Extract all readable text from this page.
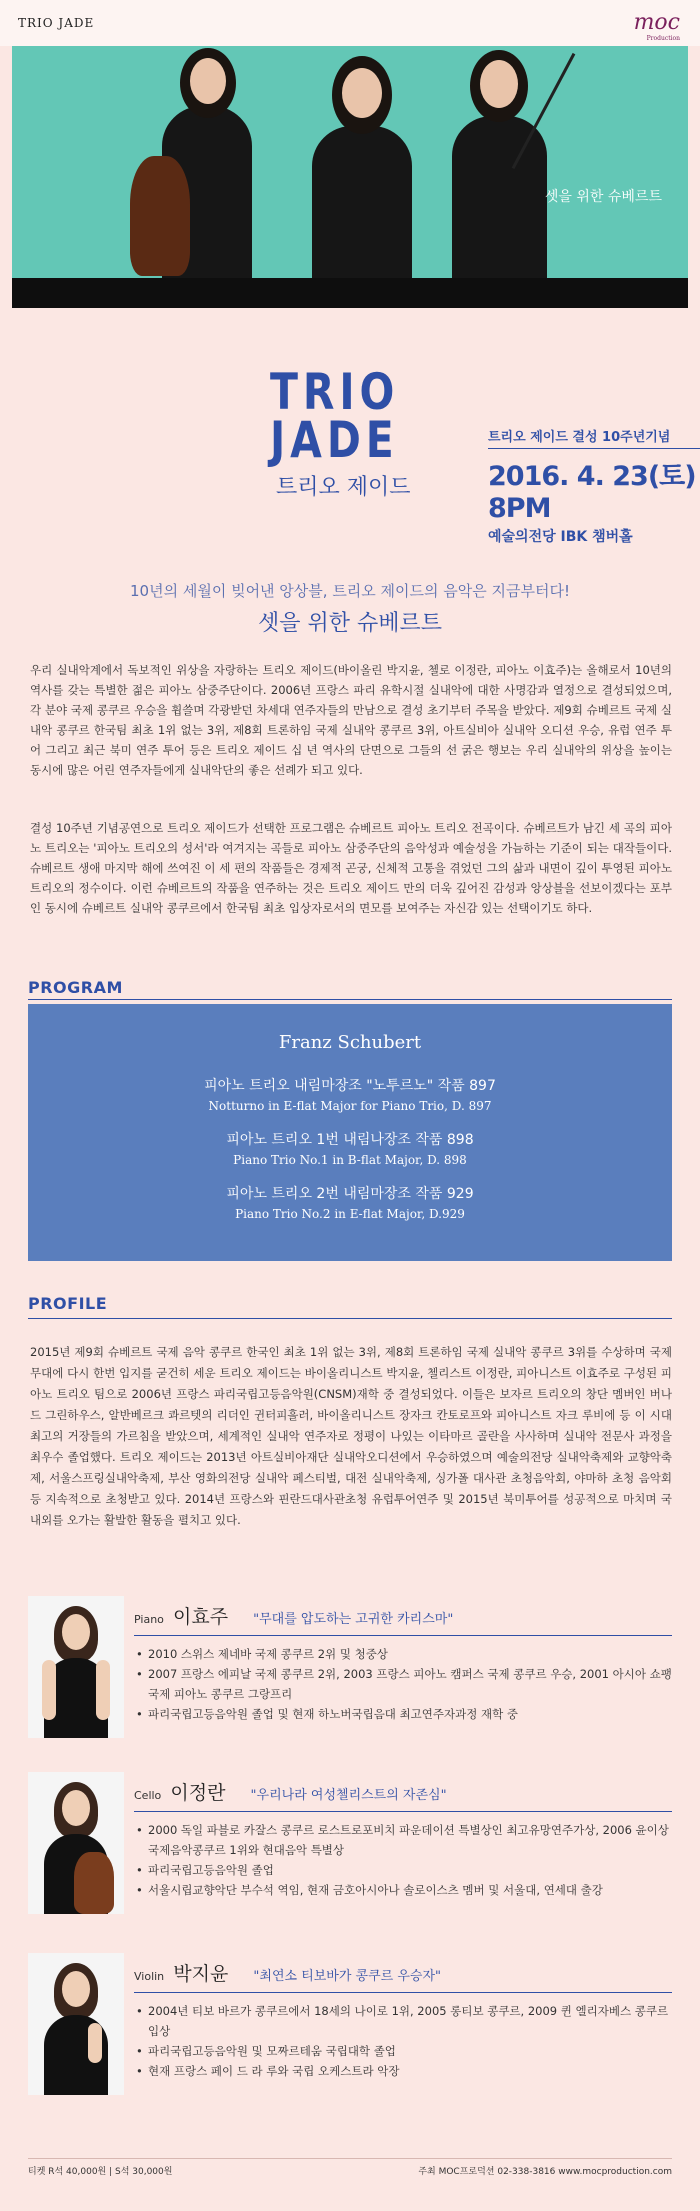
TRIO JADE	moc
Production
셋을 위한 슈베르트
TRIO
JADE
트리오 제이드
트리오 제이드 결성 10주년기념
2016. 4. 23(토) 8PM
예술의전당 IBK 챔버홀
10년의 세월이 빚어낸 앙상블, 트리오 제이드의 음악은 지금부터다!
셋을 위한 슈베르트
우리 실내악계에서 독보적인 위상을 자랑하는 트리오 제이드(바이올린 박지윤, 첼로 이정란, 피아노 이효주)는 올해로서 10년의 역사를 갖는 특별한 젊은 피아노 삼중주단이다. 2006년 프랑스 파리 유학시절 실내악에 대한 사명감과 열정으로 결성되었으며, 각 분야 국제 콩쿠르 우승을 휩쓸며 각광받던 차세대 연주자들의 만남으로 결성 초기부터 주목을 받았다. 제9회 슈베르트 국제 실내악 콩쿠르 한국팀 최초 1위 없는 3위, 제8회 트론하임 국제 실내악 콩쿠르 3위, 아트실비아 실내악 오디션 우승, 유럽 연주 투어 그리고 최근 북미 연주 투어 등은 트리오 제이드 십 년 역사의 단면으로 그들의 선 굵은 행보는 우리 실내악의 위상을 높이는 동시에 많은 어린 연주자들에게 실내악단의 좋은 선례가 되고 있다.
결성 10주년 기념공연으로 트리오 제이드가 선택한 프로그램은 슈베르트 피아노 트리오 전곡이다. 슈베르트가 남긴 세 곡의 피아노 트리오는 '피아노 트리오의 성서'라 여겨지는 곡들로 피아노 삼중주단의 음악성과 예술성을 가늠하는 기준이 되는 대작들이다. 슈베르트 생애 마지막 해에 쓰여진 이 세 편의 작품들은 경제적 곤궁, 신체적 고통을 겪었던 그의 삶과 내면이 깊이 투영된 피아노 트리오의 정수이다. 이런 슈베르트의 작품을 연주하는 것은 트리오 제이드 만의 더욱 깊어진 감성과 앙상블을 선보이겠다는 포부인 동시에 슈베르트 실내악 콩쿠르에서 한국팀 최초 입상자로서의 면모를 보여주는 자신감 있는 선택이기도 하다.
PROGRAM
Franz Schubert
피아노 트리오 내림마장조 "노투르노" 작품 897
Notturno in E-flat Major for Piano Trio, D. 897
피아노 트리오 1번 내림나장조 작품 898
Piano Trio No.1 in B-flat Major, D. 898
피아노 트리오 2번 내림마장조 작품 929
Piano Trio No.2 in E-flat Major, D.929
PROFILE
2015년 제9회 슈베르트 국제 음악 콩쿠르 한국인 최초 1위 없는 3위, 제8회 트론하임 국제 실내악 콩쿠르 3위를 수상하며 국제 무대에 다시 한번 입지를 굳건히 세운 트리오 제이드는 바이올리니스트 박지윤, 첼리스트 이정란, 피아니스트 이효주로 구성된 피아노 트리오 팀으로 2006년 프랑스 파리국립고등음악원(CNSM)재학 중 결성되었다. 이들은 보자르 트리오의 창단 멤버인 버나드 그린하우스, 알반베르크 콰르텟의 리더인 귄터피흘러, 바이올리니스트 장자크 칸토로프와 피아니스트 자크 루비에 등 이 시대 최고의 거장들의 가르침을 받았으며, 세계적인 실내악 연주자로 정평이 나있는 이타마르 골란을 사사하며 실내악 전문사 과정을 최우수 졸업했다. 트리오 제이드는 2013년 아트실비아재단 실내악오디션에서 우승하였으며 예술의전당 실내악축제와 교향악축제, 서울스프링실내악축제, 부산 영화의전당 실내악 페스티벌, 대전 실내악축제, 싱가폴 대사관 초청음악회, 야마하 초청 음악회 등 지속적으로 초청받고 있다. 2014년 프랑스와 핀란드대사관초청 유럽투어연주 및 2015년 북미투어를 성공적으로 마치며 국내외를 오가는 활발한 활동을 펼치고 있다.
Piano 이효주 "무대를 압도하는 고귀한 카리스마"
• 2010 스위스 제네바 국제 콩쿠르 2위 및 청중상
• 2007 프랑스 에피날 국제 콩쿠르 2위, 2003 프랑스 피아노 캠퍼스 국제 콩쿠르 우승, 2001 아시아 쇼팽 국제 피아노 콩쿠르 그랑프리
• 파리국립고등음악원 졸업 및 현재 하노버국립음대 최고연주자과정 재학 중
Cello 이정란 "우리나라 여성첼리스트의 자존심"
• 2000 독일 파블로 카잘스 콩쿠르 로스트로포비치 파운데이션 특별상인 최고유망연주가상, 2006 윤이상 국제음악콩쿠르 1위와 현대음악 특별상
• 파리국립고등음악원 졸업
• 서울시립교향악단 부수석 역임, 현재 금호아시아나 솔로이스츠 멤버 및 서울대, 연세대 출강
Violin 박지윤 "최연소 티보바가 콩쿠르 우승자"
• 2004년 티보 바르가 콩쿠르에서 18세의 나이로 1위, 2005 롱티보 콩쿠르, 2009 퀸 엘리자베스 콩쿠르 입상
• 파리국립고등음악원 및 모짜르테움 국립대학 졸업
• 현재 프랑스 페이 드 라 루와 국립 오케스트라 악장
티켓 R석 40,000원 | S석 30,000원	주최 MOC프로덕션 02-338-3816 www.mocproduction.com
